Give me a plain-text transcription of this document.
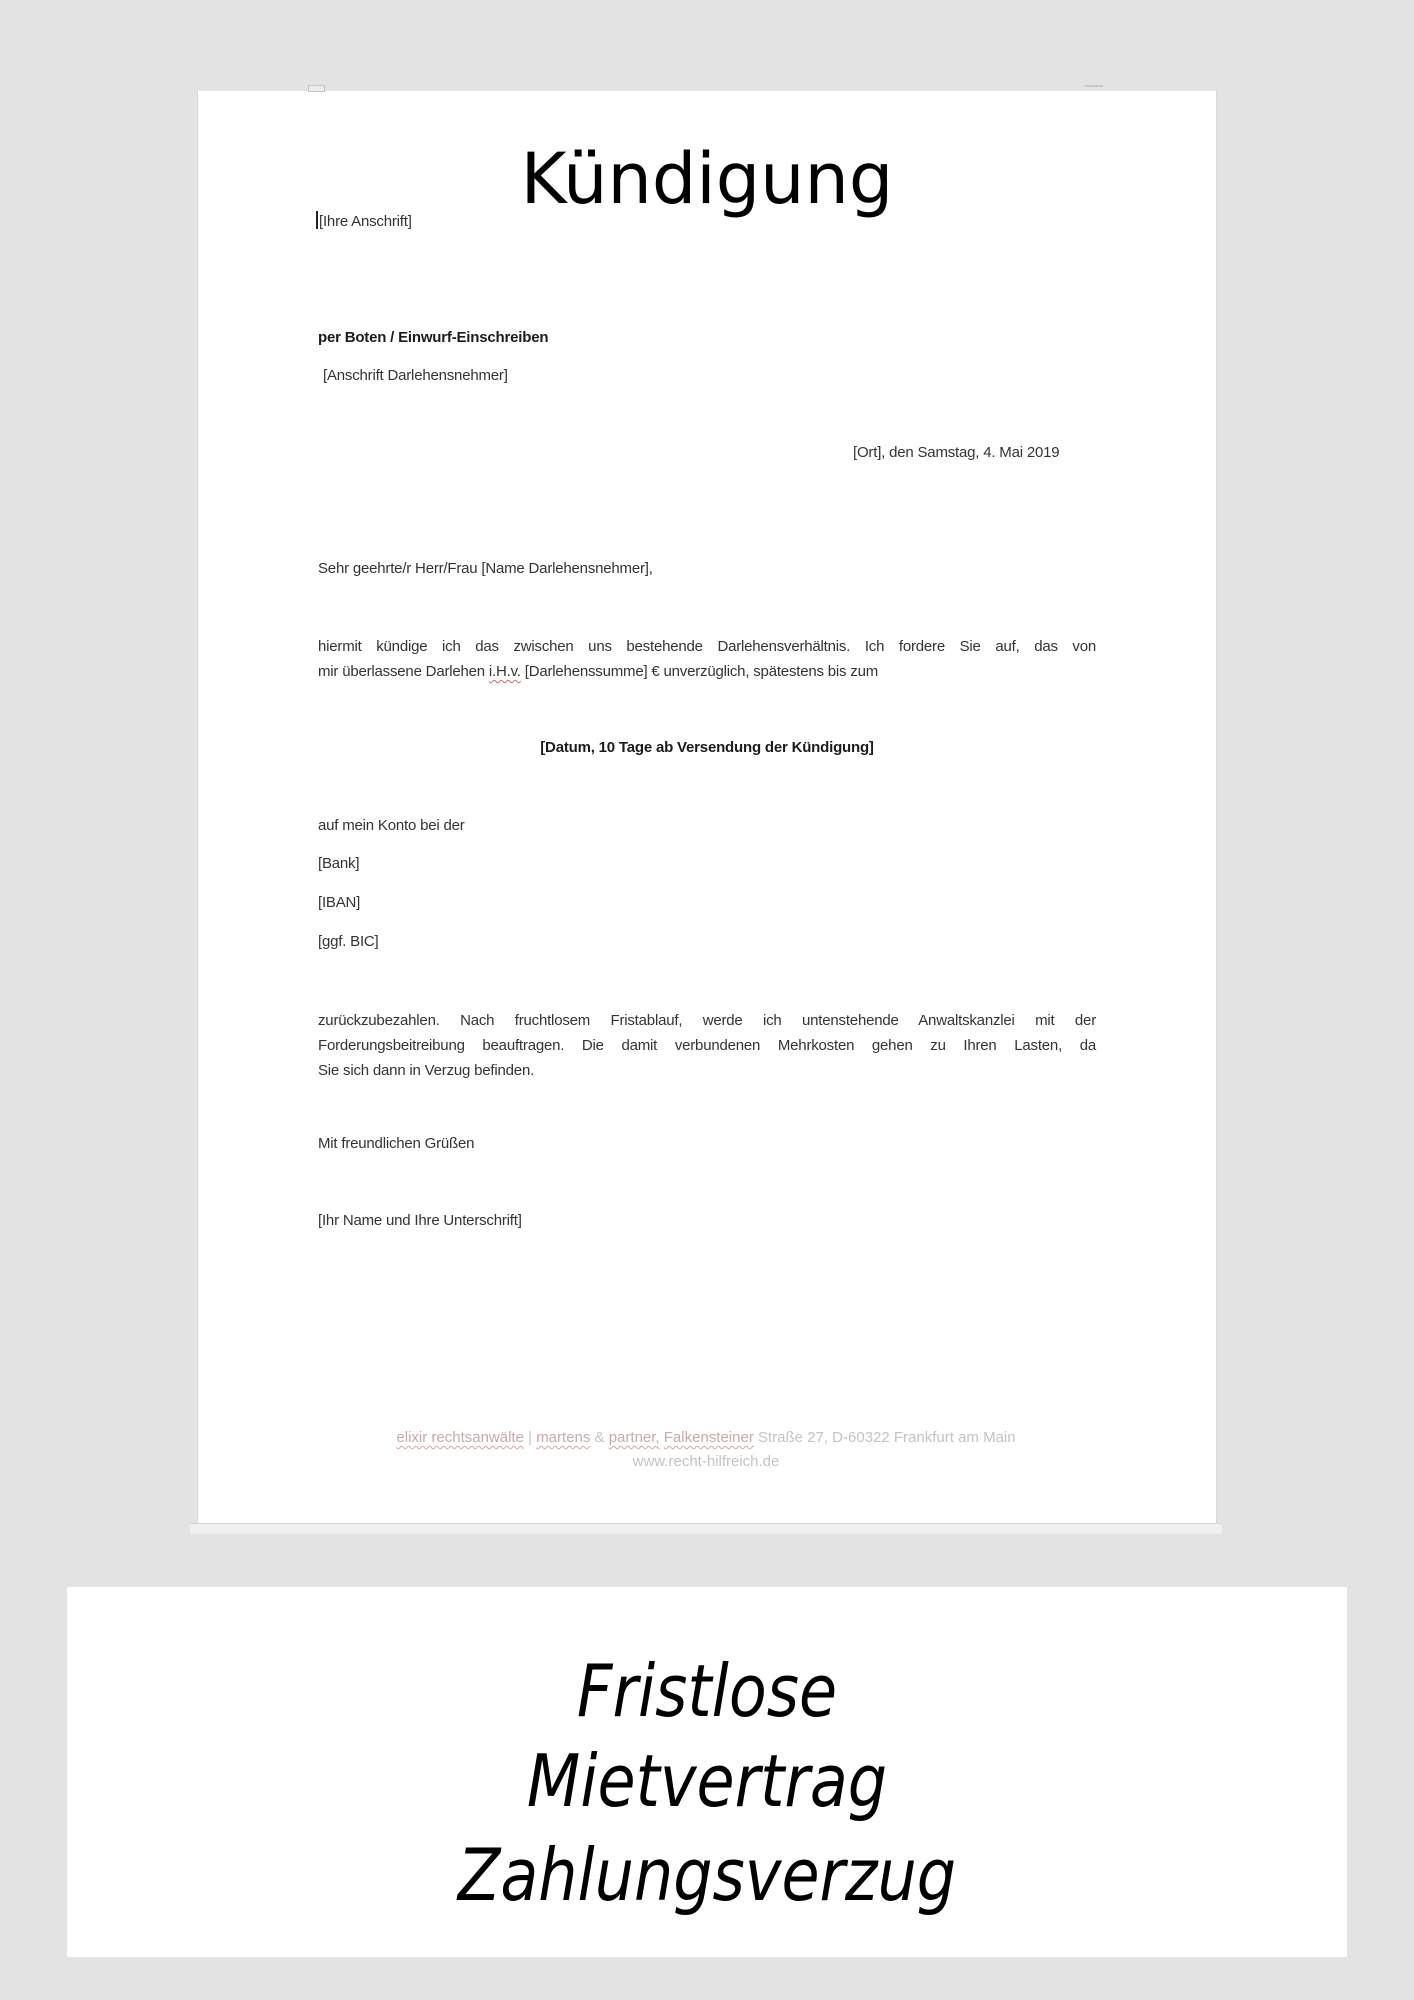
Kündigung
[Ihre Anschrift]
per Boten / Einwurf-Einschreiben
[Anschrift Darlehensnehmer]
[Ort], den Samstag, 4. Mai 2019
Sehr geehrte/r Herr/Frau [Name Darlehensnehmer],
hiermit kündige ich das zwischen uns bestehende Darlehensverhältnis. Ich fordere Sie auf, das von
mir überlassene Darlehen i.H.v. [Darlehenssumme] € unverzüglich, spätestens bis zum
[Datum, 10 Tage ab Versendung der Kündigung]
auf mein Konto bei der
[Bank]
[IBAN]
[ggf. BIC]
zurückzubezahlen. Nach fruchtlosem Fristablauf, werde ich untenstehende Anwaltskanzlei mit der
Forderungsbeitreibung beauftragen. Die damit verbundenen Mehrkosten gehen zu Ihren Lasten, da
Sie sich dann in Verzug befinden.
Mit freundlichen Grüßen
[Ihr Name und Ihre Unterschrift]
elixir rechtsanwälte | martens & partner, Falkensteiner Straße 27, D-60322 Frankfurt am Main
www.recht-hilfreich.de
Fristlose
Mietvertrag
Zahlungsverzug
